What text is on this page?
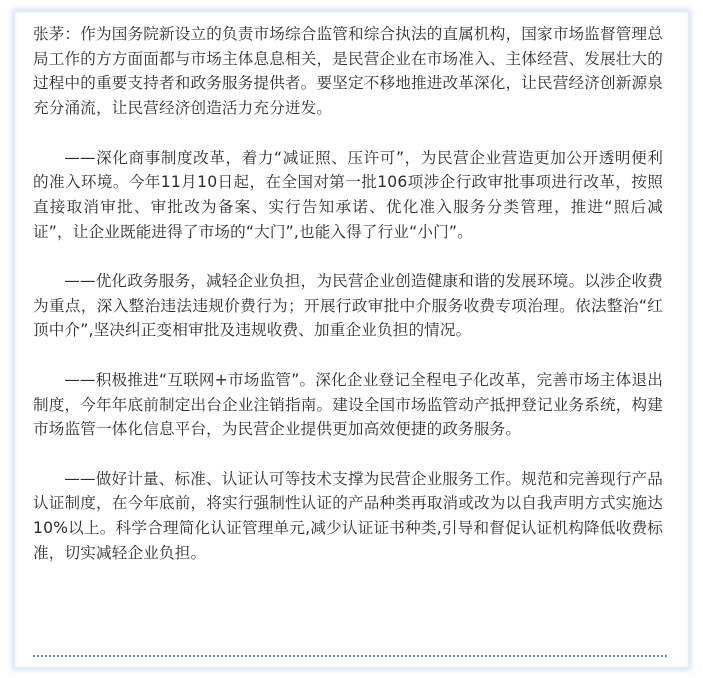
张茅：作为国务院新设立的负责市场综合监管和综合执法的直属机构，国家市场监督管理总局工作的方方面面都与市场主体息息相关，是民营企业在市场准入、主体经营、发展壮大的过程中的重要支持者和政务服务提供者。要坚定不移地推进改革深化，让民营经济创新源泉充分涌流，让民营经济创造活力充分迸发。

——深化商事制度改革，着力“减证照、压许可”，为民营企业营造更加公开透明便利的准入环境。今年11月10日起，在全国对第一批106项涉企行政审批事项进行改革，按照直接取消审批、审批改为备案、实行告知承诺、优化准入服务分类管理，推进“照后减证”，让企业既能进得了市场的“大门”,也能入得了行业“小门”。

——优化政务服务，减轻企业负担，为民营企业创造健康和谐的发展环境。以涉企收费为重点，深入整治违法违规价费行为；开展行政审批中介服务收费专项治理。依法整治“红顶中介”,坚决纠正变相审批及违规收费、加重企业负担的情况。

——积极推进“互联网+市场监管”。深化企业登记全程电子化改革，完善市场主体退出制度，今年年底前制定出台企业注销指南。建设全国市场监管动产抵押登记业务系统，构建市场监管一体化信息平台，为民营企业提供更加高效便捷的政务服务。

——做好计量、标准、认证认可等技术支撑为民营企业服务工作。规范和完善现行产品认证制度，在今年底前，将实行强制性认证的产品种类再取消或改为以自我声明方式实施达10%以上。科学合理简化认证管理单元,减少认证证书种类,引导和督促认证机构降低收费标准，切实减轻企业负担。
